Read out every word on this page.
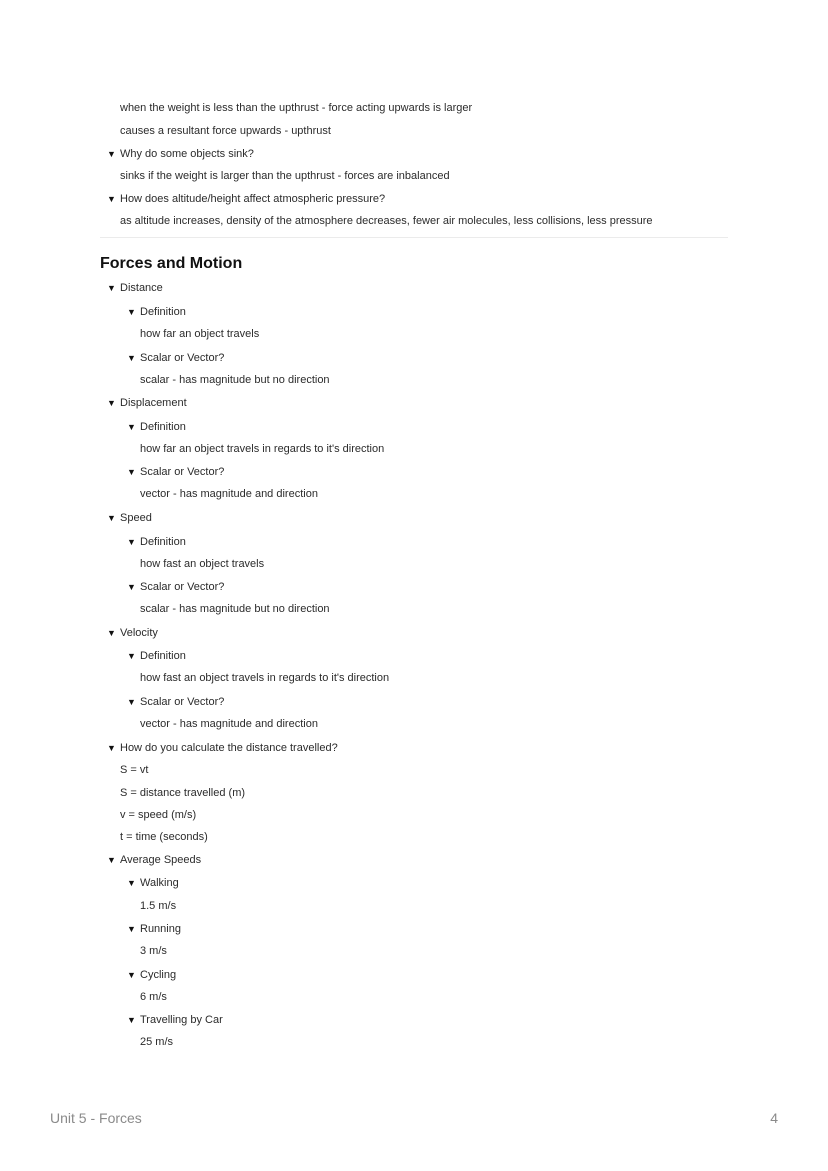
when the weight is less than the upthrust - force acting upwards is larger
causes a resultant force upwards - upthrust
▼ Why do some objects sink?
sinks if the weight is larger than the upthrust - forces are inbalanced
▼ How does altitude/height affect atmospheric pressure?
as altitude increases, density of the atmosphere decreases, fewer air molecules, less collisions, less pressure
Forces and Motion
▼ Distance
▼ Definition
how far an object travels
▼ Scalar or Vector?
scalar - has magnitude but no direction
▼ Displacement
▼ Definition
how far an object travels in regards to it's direction
▼ Scalar or Vector?
vector - has magnitude and direction
▼ Speed
▼ Definition
how fast an object travels
▼ Scalar or Vector?
scalar - has magnitude but no direction
▼ Velocity
▼ Definition
how fast an object travels in regards to it's direction
▼ Scalar or Vector?
vector - has magnitude and direction
▼ How do you calculate the distance travelled?
S = vt
S = distance travelled (m)
v = speed (m/s)
t = time (seconds)
▼ Average Speeds
▼ Walking
1.5 m/s
▼ Running
3 m/s
▼ Cycling
6 m/s
▼ Travelling by Car
25 m/s
Unit 5 - Forces	4
